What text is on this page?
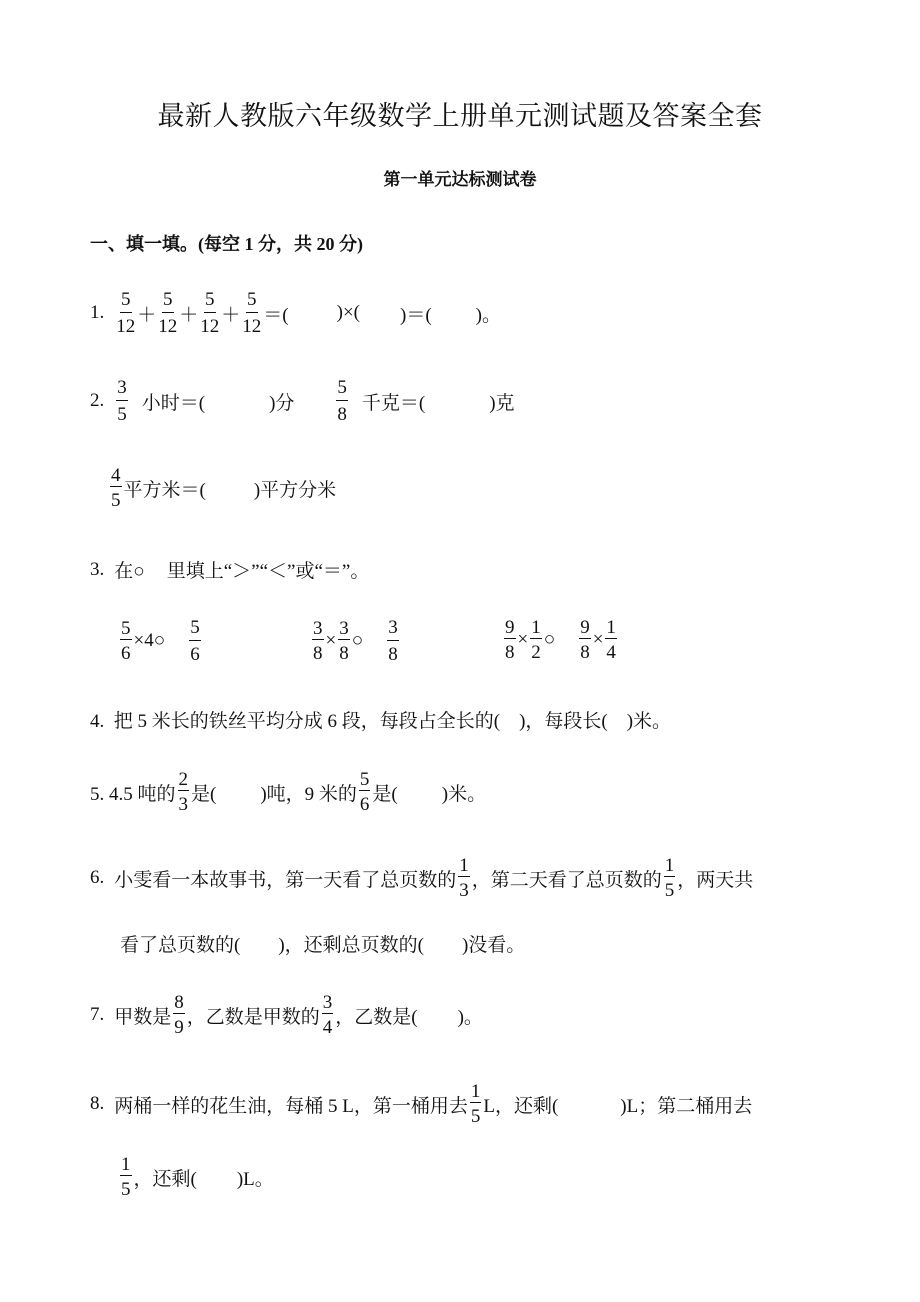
最新人教版六年级数学上册单元测试题及答案全套
第一单元达标测试卷
一、填一填。(每空 1 分，共 20 分)
1. $\frac{5}{12} + \frac{5}{12} + \frac{5}{12} + \frac{5}{12}$ ＝(	)×( )＝( )。
2. $\frac{3}{5}$ 小时＝(	)分 $\frac{5}{8}$ 千克＝(	)克
$\frac{4}{5}$ 平方米＝(	)平方分米
3. 在○ 里填上“＞”“＜”或“＝”。
$\frac{5}{6}$ ×4○ $\frac{5}{6}$	$\frac{3}{8} \times \frac{3}{8}$ ○ $\frac{3}{8}$	$\frac{9}{8} \times \frac{1}{2}$ ○ $\frac{9}{8} \times \frac{1}{4}$
4.  把 5 米长的铁丝平均分成 6 段，每段占全长的(    )，每段长(    )米。
5. 4.5 吨的 $\frac{2}{3}$ 是( )吨，9 米的 $\frac{5}{6}$ 是( )米。
6. 小雯看一本故事书，第一天看了总页数的 $\frac{1}{3}$ ，第二天看了总页数的 $\frac{1}{5}$ ，两天共
看了总页数的(        )，还剩总页数的(        )没看。
7. 甲数是 $\frac{8}{9}$ ，乙数是甲数的 $\frac{3}{4}$ ，乙数是( )。
8. 两桶一样的花生油，每桶 5 L，第一桶用去 $\frac{1}{5}$ L，还剩(	)L；第二桶用去
$\frac{1}{5}$ ，还剩( )L。
